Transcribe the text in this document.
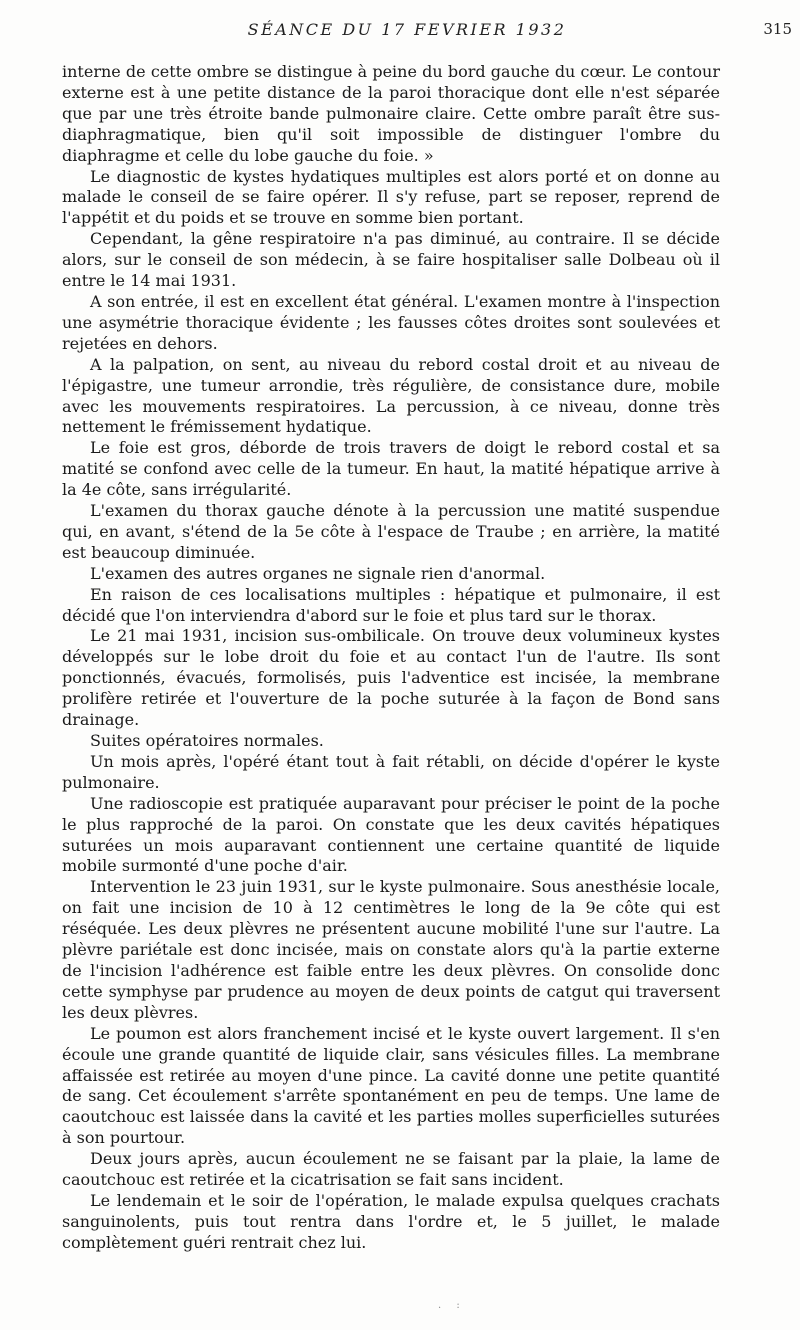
SÉANCE DU 17 FEVRIER 1932	315

interne de cette ombre se distingue à peine du bord gauche du cœur. Le contour externe est à une petite distance de la paroi thoracique dont elle n'est séparée que par une très étroite bande pulmonaire claire. Cette ombre paraît être sus-diaphragmatique, bien qu'il soit impossible de distinguer l'ombre du diaphragme et celle du lobe gauche du foie. »

Le diagnostic de kystes hydatiques multiples est alors porté et on donne au malade le conseil de se faire opérer. Il s'y refuse, part se reposer, reprend de l'appétit et du poids et se trouve en somme bien portant.

Cependant, la gêne respiratoire n'a pas diminué, au contraire. Il se décide alors, sur le conseil de son médecin, à se faire hospitaliser salle Dolbeau où il entre le 14 mai 1931.

A son entrée, il est en excellent état général. L'examen montre à l'inspection une asymétrie thoracique évidente ; les fausses côtes droites sont soulevées et rejetées en dehors.

A la palpation, on sent, au niveau du rebord costal droit et au niveau de l'épigastre, une tumeur arrondie, très régulière, de consistance dure, mobile avec les mouvements respiratoires. La percussion, à ce niveau, donne très nettement le frémissement hydatique.

Le foie est gros, déborde de trois travers de doigt le rebord costal et sa matité se confond avec celle de la tumeur. En haut, la matité hépatique arrive à la 4e côte, sans irrégularité.

L'examen du thorax gauche dénote à la percussion une matité suspendue qui, en avant, s'étend de la 5e côte à l'espace de Traube ; en arrière, la matité est beaucoup diminuée.

L'examen des autres organes ne signale rien d'anormal.

En raison de ces localisations multiples : hépatique et pulmonaire, il est décidé que l'on interviendra d'abord sur le foie et plus tard sur le thorax.

Le 21 mai 1931, incision sus-ombilicale. On trouve deux volumineux kystes développés sur le lobe droit du foie et au contact l'un de l'autre. Ils sont ponctionnés, évacués, formolisés, puis l'adventice est incisée, la membrane prolifère retirée et l'ouverture de la poche suturée à la façon de Bond sans drainage.

Suites opératoires normales.

Un mois après, l'opéré étant tout à fait rétabli, on décide d'opérer le kyste pulmonaire.

Une radioscopie est pratiquée auparavant pour préciser le point de la poche le plus rapproché de la paroi. On constate que les deux cavités hépatiques suturées un mois auparavant contiennent une certaine quantité de liquide mobile surmonté d'une poche d'air.

Intervention le 23 juin 1931, sur le kyste pulmonaire. Sous anesthésie locale, on fait une incision de 10 à 12 centimètres le long de la 9e côte qui est réséquée. Les deux plèvres ne présentent aucune mobilité l'une sur l'autre. La plèvre pariétale est donc incisée, mais on constate alors qu'à la partie externe de l'incision l'adhérence est faible entre les deux plèvres. On consolide donc cette symphyse par prudence au moyen de deux points de catgut qui traversent les deux plèvres.

Le poumon est alors franchement incisé et le kyste ouvert largement. Il s'en écoule une grande quantité de liquide clair, sans vésicules filles. La membrane affaissée est retirée au moyen d'une pince. La cavité donne une petite quantité de sang. Cet écoulement s'arrête spontanément en peu de temps. Une lame de caoutchouc est laissée dans la cavité et les parties molles superficielles suturées à son pourtour.

Deux jours après, aucun écoulement ne se faisant par la plaie, la lame de caoutchouc est retirée et la cicatrisation se fait sans incident.

Le lendemain et le soir de l'opération, le malade expulsa quelques crachats sanguinolents, puis tout rentra dans l'ordre et, le 5 juillet, le malade complètement guéri rentrait chez lui.

. :
